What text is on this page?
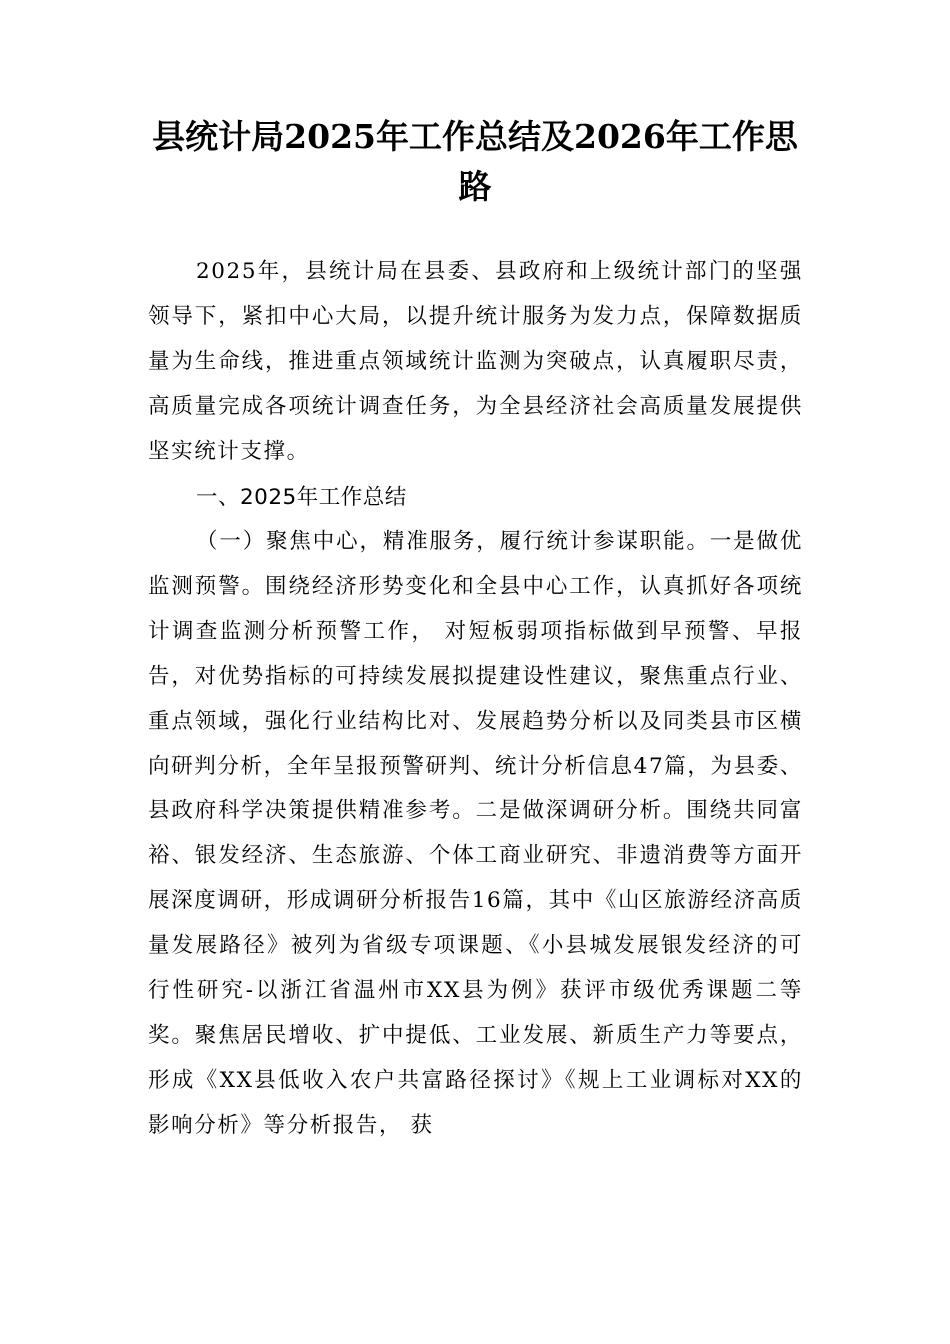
县统计局2025年工作总结及2026年工作思路

2025年，县统计局在县委、县政府和上级统计部门的坚强领导下，紧扣中心大局，以提升统计服务为发力点，保障数据质量为生命线，推进重点领域统计监测为突破点，认真履职尽责，高质量完成各项统计调查任务，为全县经济社会高质量发展提供坚实统计支撑。

一、2025年工作总结

（一）聚焦中心，精准服务，履行统计参谋职能。一是做优监测预警。围绕经济形势变化和全县中心工作，认真抓好各项统计调查监测分析预警工作， 对短板弱项指标做到早预警、早报告，对优势指标的可持续发展拟提建设性建议，聚焦重点行业、重点领域，强化行业结构比对、发展趋势分析以及同类县市区横向研判分析，全年呈报预警研判、统计分析信息47篇，为县委、县政府科学决策提供精准参考。二是做深调研分析。围绕共同富裕、银发经济、生态旅游、个体工商业研究、非遗消费等方面开展深度调研，形成调研分析报告16篇，其中《山区旅游经济高质量发展路径》被列为省级专项课题、《小县城发展银发经济的可行性研究-以浙江省温州市XX县为例》获评市级优秀课题二等奖。聚焦居民增收、扩中提低、工业发展、新质生产力等要点，形成《XX县低收入农户共富路径探讨》《规上工业调标对XX的影响分析》等分析报告， 获
